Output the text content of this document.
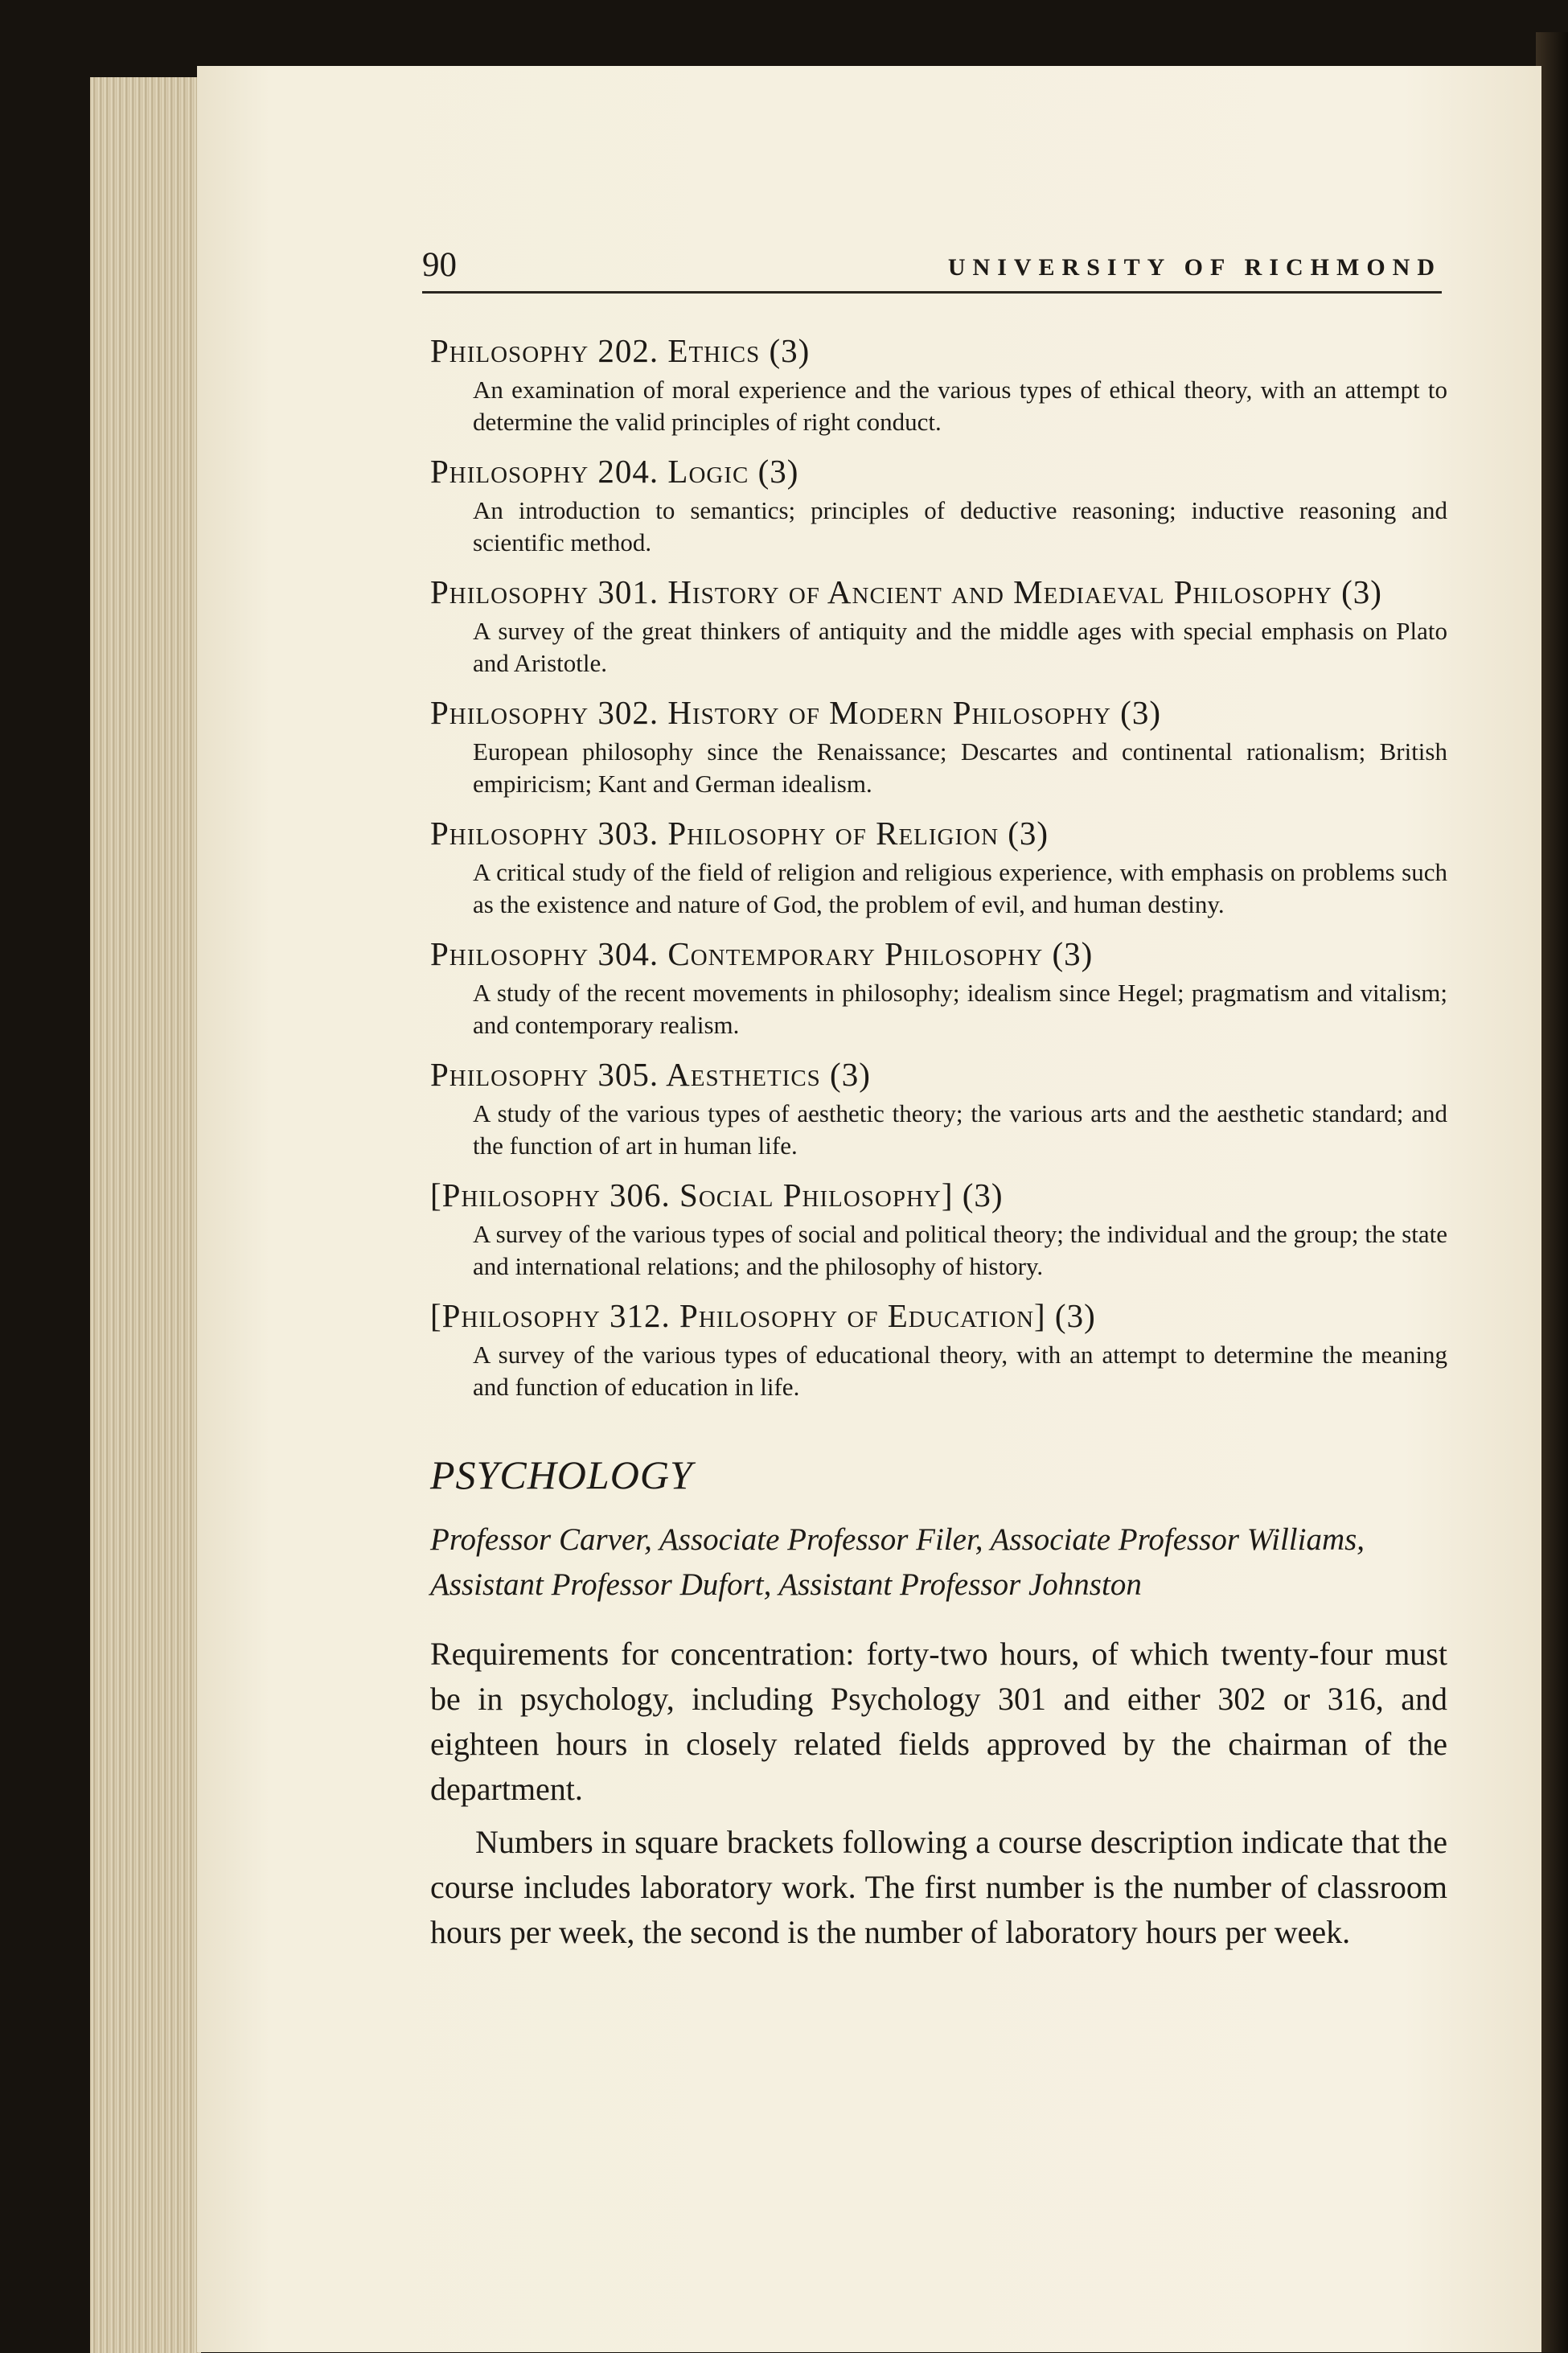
90	UNIVERSITY OF RICHMOND
Philosophy 202. Ethics (3)

An examination of moral experience and the various types of ethical theory, with an attempt to determine the valid principles of right conduct.

Philosophy 204. Logic (3)

An introduction to semantics; principles of deductive reasoning; inductive reasoning and scientific method.

Philosophy 301. History of Ancient and Mediaeval Philosophy (3)

A survey of the great thinkers of antiquity and the middle ages with special emphasis on Plato and Aristotle.

Philosophy 302. History of Modern Philosophy (3)

European philosophy since the Renaissance; Descartes and continental rationalism; British empiricism; Kant and German idealism.

Philosophy 303. Philosophy of Religion (3)

A critical study of the field of religion and religious experience, with emphasis on problems such as the existence and nature of God, the problem of evil, and human destiny.

Philosophy 304. Contemporary Philosophy (3)

A study of the recent movements in philosophy; idealism since Hegel; pragmatism and vitalism; and contemporary realism.

Philosophy 305. Aesthetics (3)

A study of the various types of aesthetic theory; the various arts and the aesthetic standard; and the function of art in human life.

[Philosophy 306. Social Philosophy] (3)

A survey of the various types of social and political theory; the individual and the group; the state and international relations; and the philosophy of history.

[Philosophy 312. Philosophy of Education] (3)

A survey of the various types of educational theory, with an attempt to determine the meaning and function of education in life.

PSYCHOLOGY

Professor Carver, Associate Professor Filer, Associate Professor Williams, Assistant Professor Dufort, Assistant Professor Johnston

Requirements for concentration: forty-two hours, of which twenty-four must be in psychology, including Psychology 301 and either 302 or 316, and eighteen hours in closely related fields approved by the chairman of the department.

Numbers in square brackets following a course description indicate that the course includes laboratory work. The first number is the number of classroom hours per week, the second is the number of laboratory hours per week.
